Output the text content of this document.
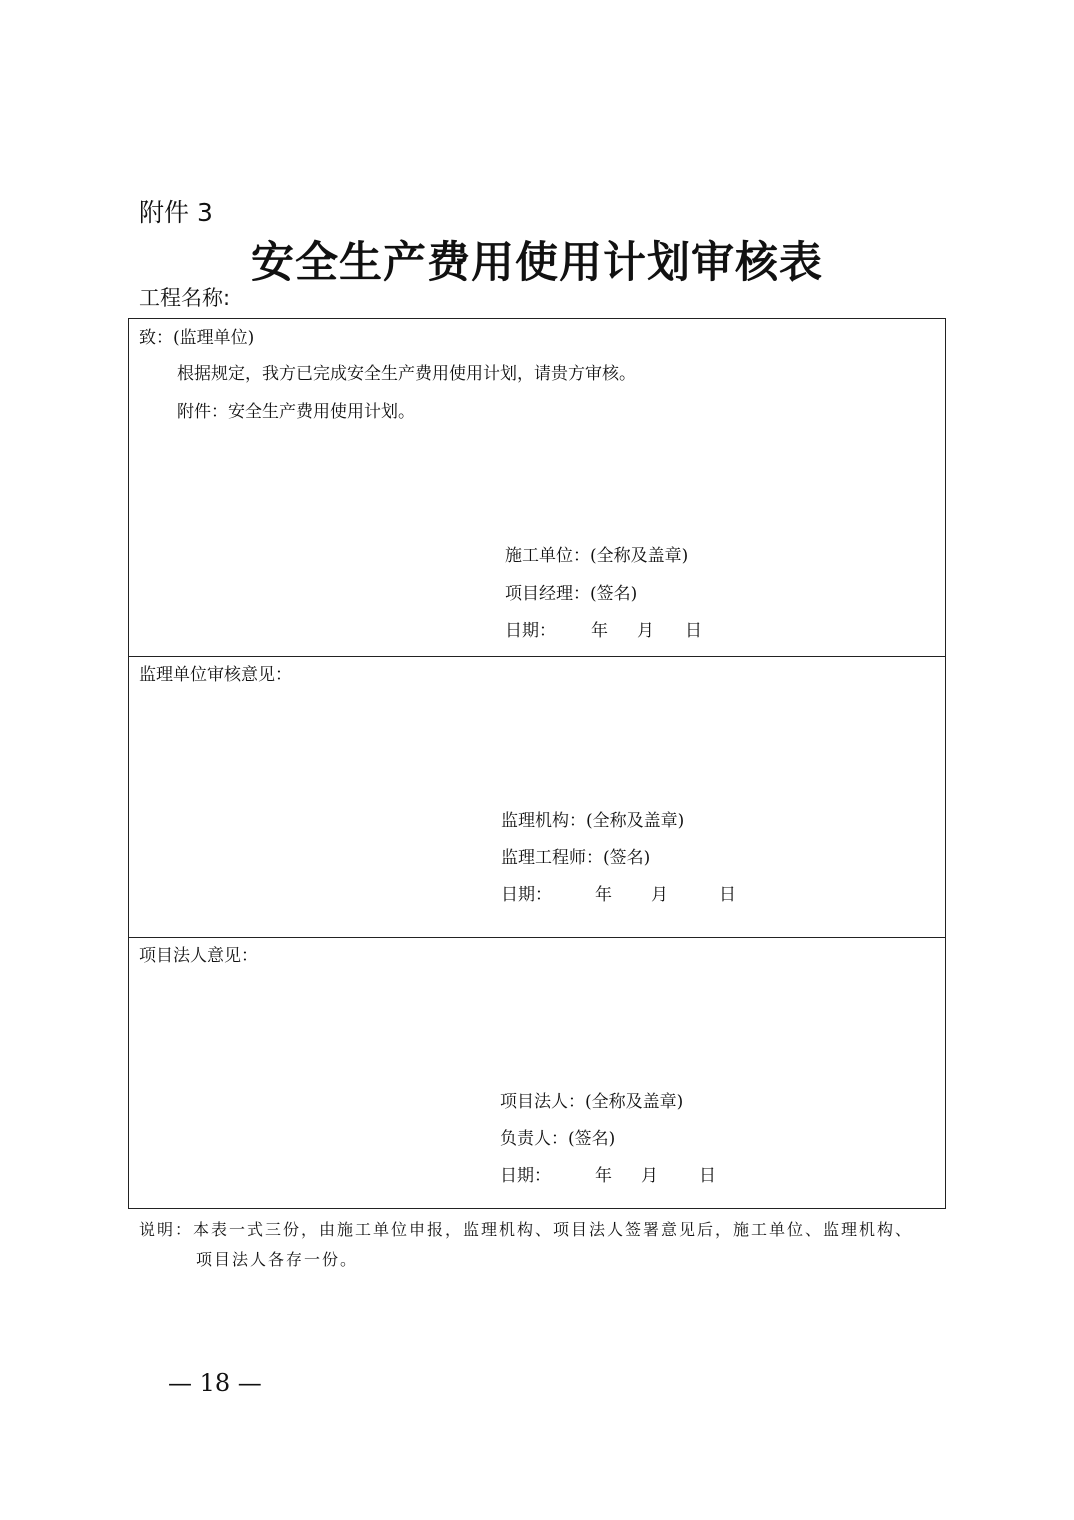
附件 3
安全生产费用使用计划审核表
工程名称:
致：(监理单位)
根据规定，我方已完成安全生产费用使用计划，请贵方审核。
附件：安全生产费用使用计划。
施工单位：(全称及盖章)
项目经理：(签名)
日期： 年 月 日
监理单位审核意见：
监理机构：(全称及盖章)
监理工程师：(签名)
日期：	年 月	日
项目法人意见：
项目法人：(全称及盖章)
负责人：(签名)
日期：	年 月 日
说明：本表一式三份，由施工单位申报，监理机构、项目法人签署意见后，施工单位、监理机构、
项目法人各存一份。
— 18 —
